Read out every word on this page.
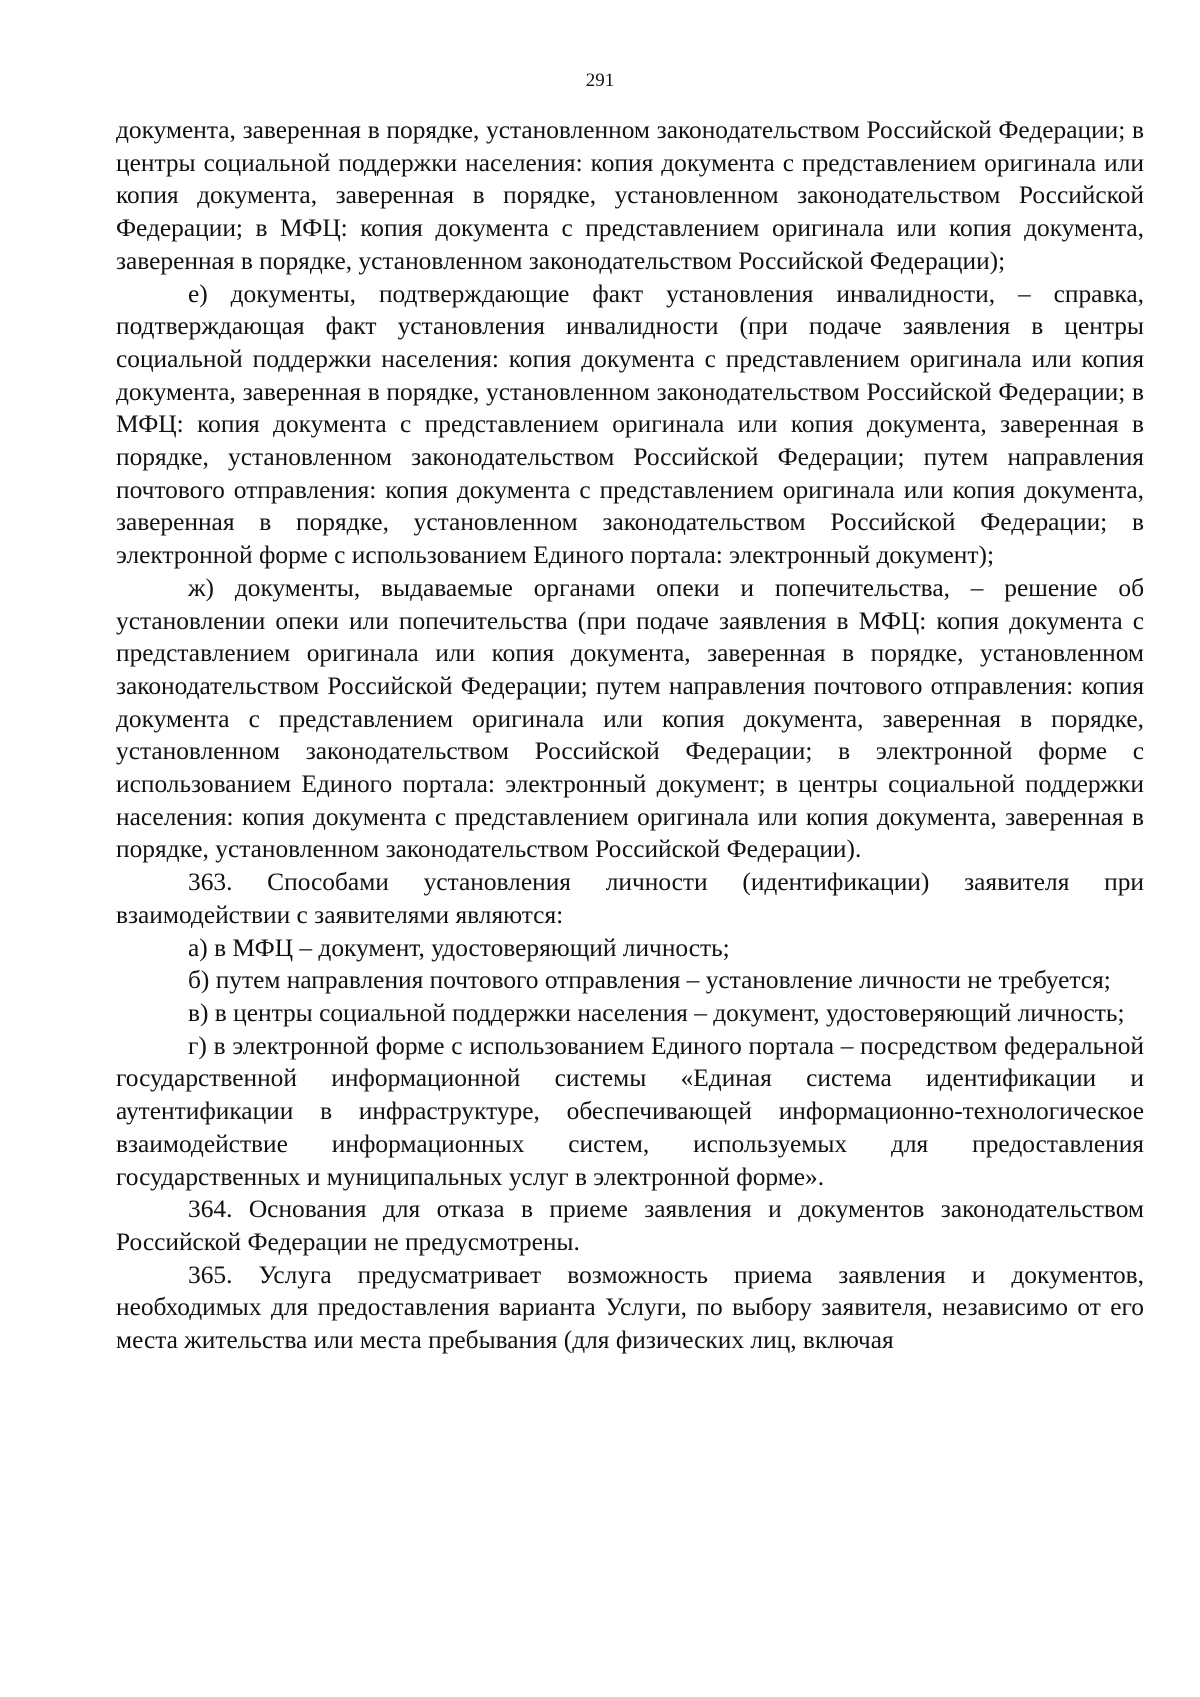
291

документа, заверенная в порядке, установленном законодательством Российской Федерации; в центры социальной поддержки населения: копия документа с представлением оригинала или копия документа, заверенная в порядке, установленном законодательством Российской Федерации; в МФЦ: копия документа с представлением оригинала или копия документа, заверенная в порядке, установленном законодательством Российской Федерации);

е) документы, подтверждающие факт установления инвалидности, – справка, подтверждающая факт установления инвалидности (при подаче заявления в центры социальной поддержки населения: копия документа с представлением оригинала или копия документа, заверенная в порядке, установленном законодательством Российской Федерации; в МФЦ: копия документа с представлением оригинала или копия документа, заверенная в порядке, установленном законодательством Российской Федерации; путем направления почтового отправления: копия документа с представлением оригинала или копия документа, заверенная в порядке, установленном законодательством Российской Федерации; в электронной форме с использованием Единого портала: электронный документ);

ж) документы, выдаваемые органами опеки и попечительства, – решение об установлении опеки или попечительства (при подаче заявления в МФЦ: копия документа с представлением оригинала или копия документа, заверенная в порядке, установленном законодательством Российской Федерации; путем направления почтового отправления: копия документа с представлением оригинала или копия документа, заверенная в порядке, установленном законодательством Российской Федерации; в электронной форме с использованием Единого портала: электронный документ; в центры социальной поддержки населения: копия документа с представлением оригинала или копия документа, заверенная в порядке, установленном законодательством Российской Федерации).

363. Способами установления личности (идентификации) заявителя при взаимодействии с заявителями являются:

а) в МФЦ – документ, удостоверяющий личность;

б) путем направления почтового отправления – установление личности не требуется;

в) в центры социальной поддержки населения – документ, удостоверяющий личность;

г) в электронной форме с использованием Единого портала – посредством федеральной государственной информационной системы «Единая система идентификации и аутентификации в инфраструктуре, обеспечивающей информационно-технологическое взаимодействие информационных систем, используемых для предоставления государственных и муниципальных услуг в электронной форме».

364. Основания для отказа в приеме заявления и документов законодательством Российской Федерации не предусмотрены.

365. Услуга предусматривает возможность приема заявления и документов, необходимых для предоставления варианта Услуги, по выбору заявителя, независимо от его места жительства или места пребывания (для физических лиц, включая
